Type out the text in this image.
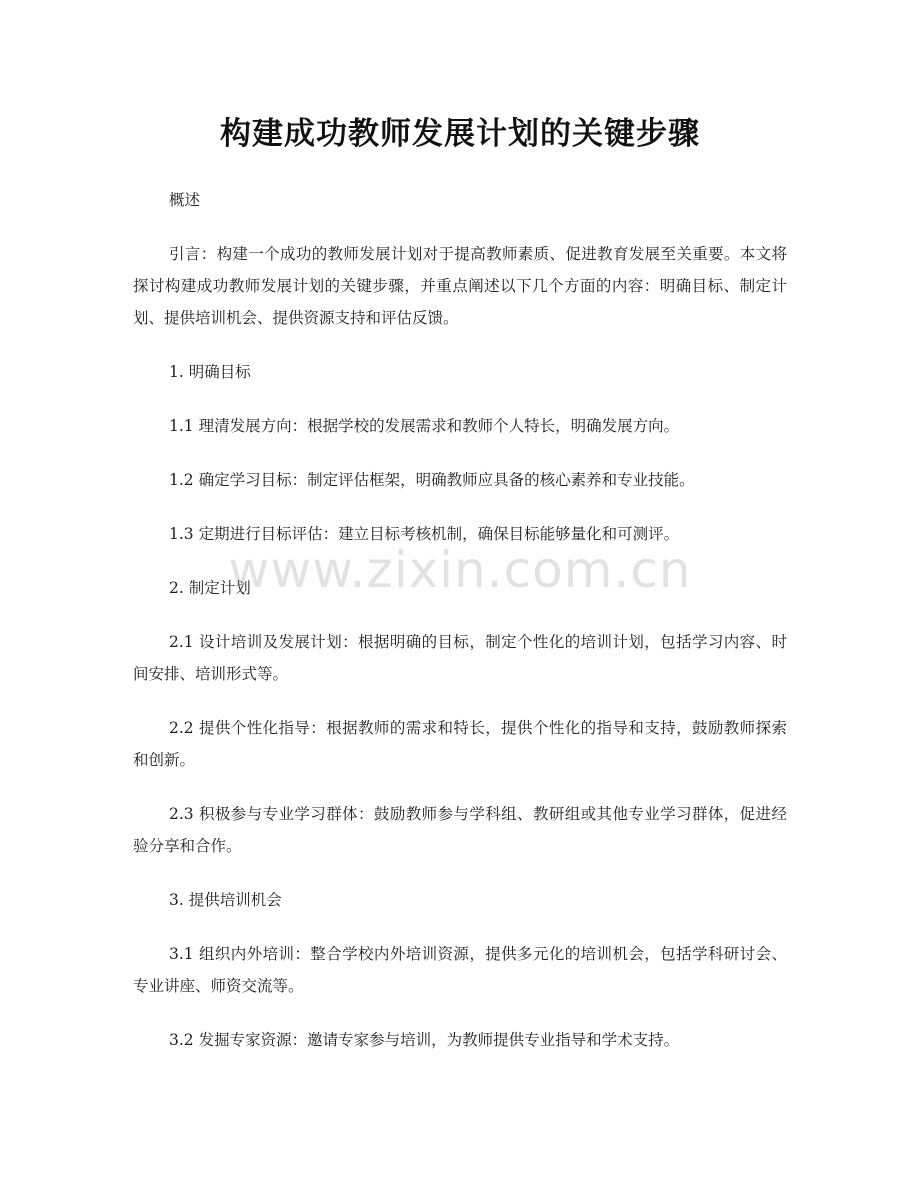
构建成功教师发展计划的关键步骤

概述

引言：构建一个成功的教师发展计划对于提高教师素质、促进教育发展至关重要。本文将探讨构建成功教师发展计划的关键步骤，并重点阐述以下几个方面的内容：明确目标、制定计划、提供培训机会、提供资源支持和评估反馈。

1. 明确目标

1.1 理清发展方向：根据学校的发展需求和教师个人特长，明确发展方向。

1.2 确定学习目标：制定评估框架，明确教师应具备的核心素养和专业技能。

1.3 定期进行目标评估：建立目标考核机制，确保目标能够量化和可测评。

2. 制定计划

2.1 设计培训及发展计划：根据明确的目标，制定个性化的培训计划，包括学习内容、时间安排、培训形式等。

2.2 提供个性化指导：根据教师的需求和特长，提供个性化的指导和支持，鼓励教师探索和创新。

2.3 积极参与专业学习群体：鼓励教师参与学科组、教研组或其他专业学习群体，促进经验分享和合作。

3. 提供培训机会

3.1 组织内外培训：整合学校内外培训资源，提供多元化的培训机会，包括学科研讨会、专业讲座、师资交流等。

3.2 发掘专家资源：邀请专家参与培训，为教师提供专业指导和学术支持。

www.zixin.com.cn
